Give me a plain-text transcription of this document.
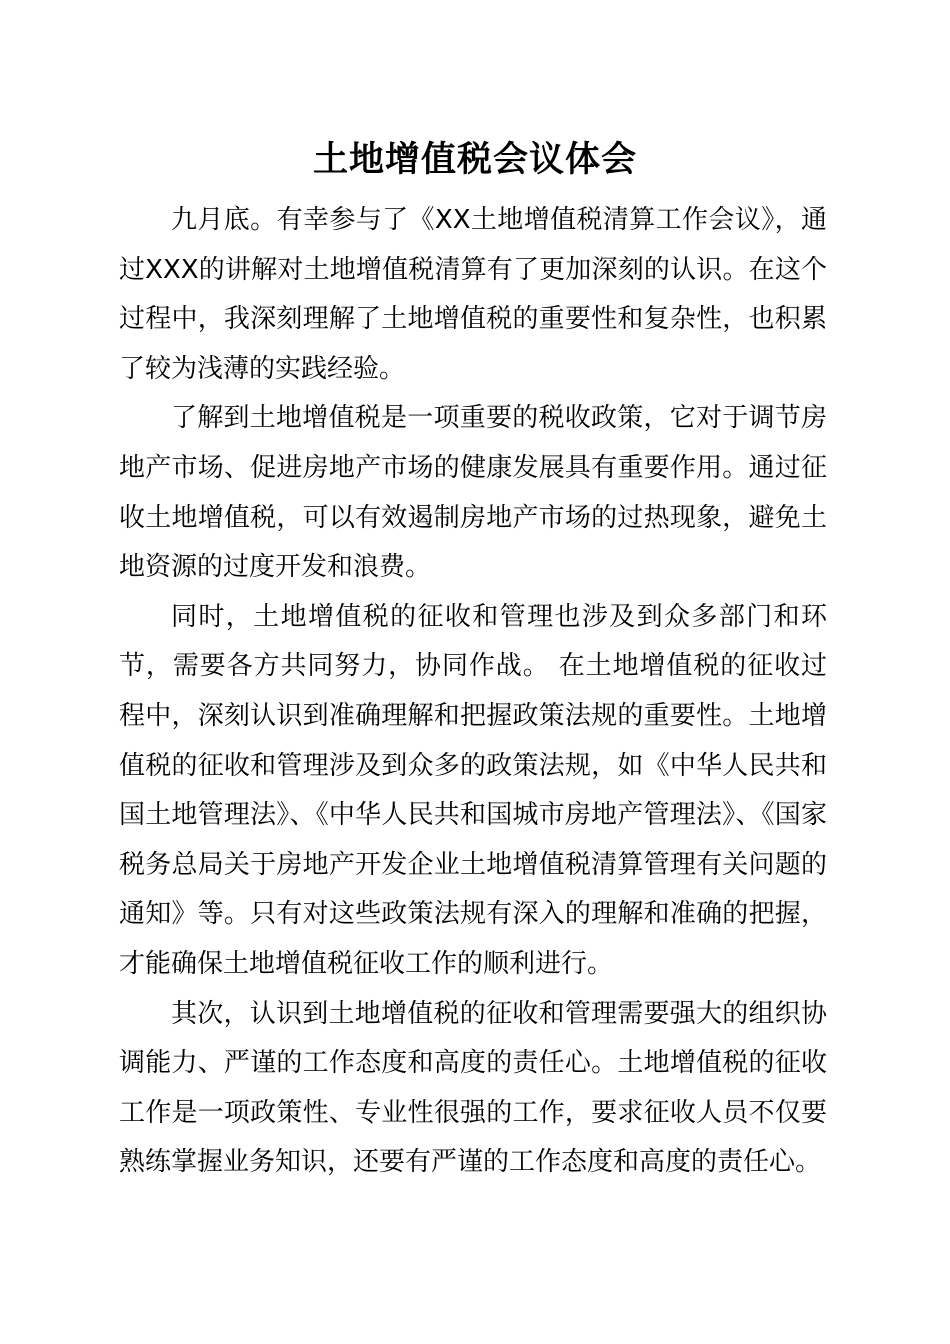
土地增值税会议体会

九月底。有幸参与了《XX土地增值税清算工作会议》，通过XXX的讲解对土地增值税清算有了更加深刻的认识。在这个过程中，我深刻理解了土地增值税的重要性和复杂性，也积累了较为浅薄的实践经验。

了解到土地增值税是一项重要的税收政策，它对于调节房地产市场、促进房地产市场的健康发展具有重要作用。通过征收土地增值税，可以有效遏制房地产市场的过热现象，避免土地资源的过度开发和浪费。

同时，土地增值税的征收和管理也涉及到众多部门和环节，需要各方共同努力，协同作战。 在土地增值税的征收过程中，深刻认识到准确理解和把握政策法规的重要性。土地增值税的征收和管理涉及到众多的政策法规，如《中华人民共和国土地管理法》、《中华人民共和国城市房地产管理法》、《国家税务总局关于房地产开发企业土地增值税清算管理有关问题的通知》等。只有对这些政策法规有深入的理解和准确的把握，才能确保土地增值税征收工作的顺利进行。

其次，认识到土地增值税的征收和管理需要强大的组织协调能力、严谨的工作态度和高度的责任心。土地增值税的征收工作是一项政策性、专业性很强的工作，要求征收人员不仅要熟练掌握业务知识，还要有严谨的工作态度和高度的责任心。
